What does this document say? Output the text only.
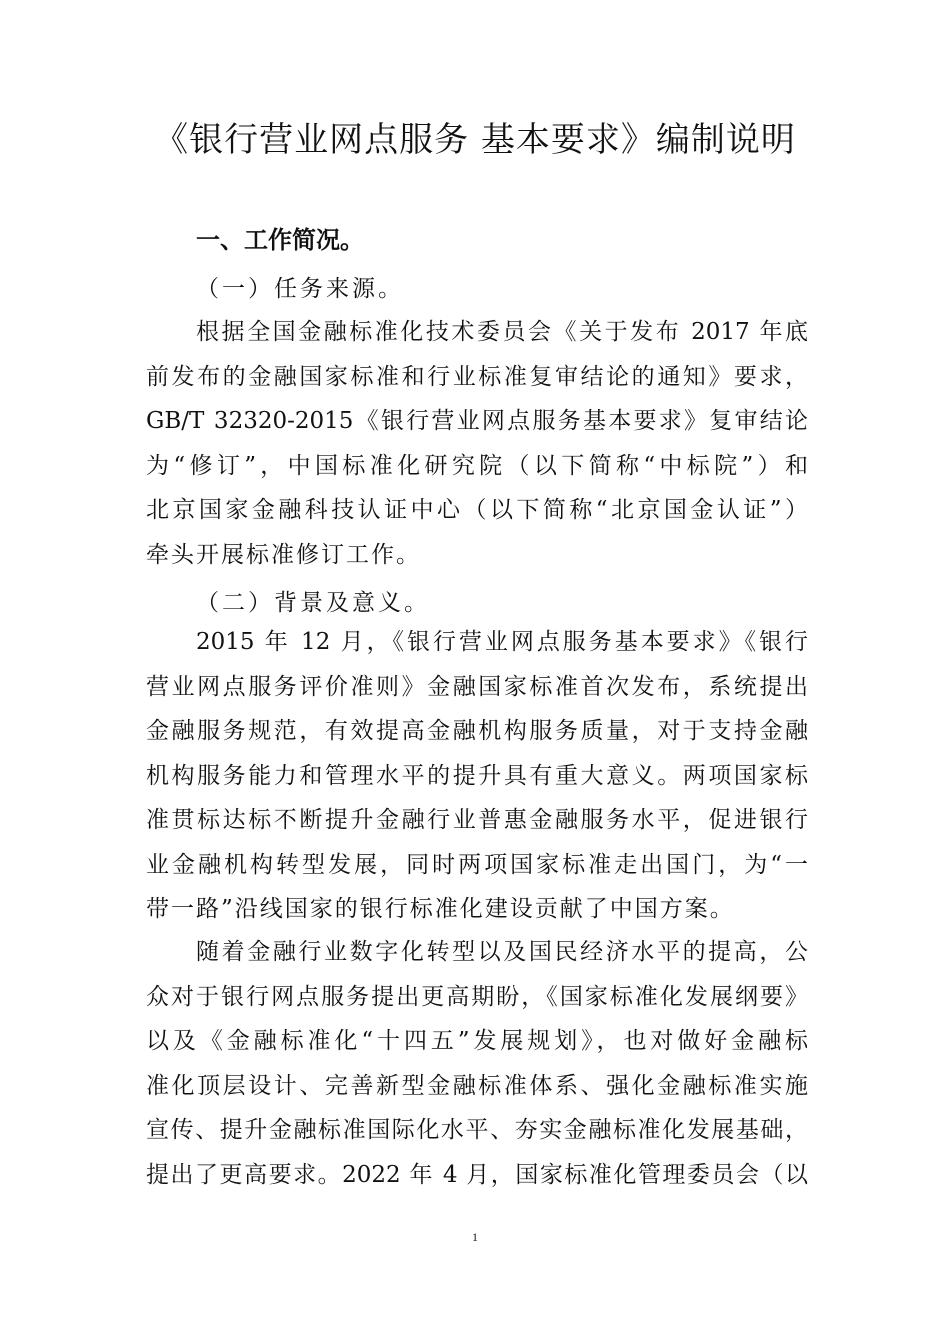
《银行营业网点服务 基本要求》编制说明
一、工作简况。
（一）任务来源。
根据全国金融标准化技术委员会《关于发布 2017 年底
前发布的金融国家标准和行业标准复审结论的通知》要求，
GB/T 32320-2015《银行营业网点服务基本要求》复审结论
为“修订”，中国标准化研究院（以下简称“中标院”）和
北京国家金融科技认证中心（以下简称“北京国金认证”）
牵头开展标准修订工作。
（二）背景及意义。
2015 年 12 月，《银行营业网点服务基本要求》《银行
营业网点服务评价准则》金融国家标准首次发布，系统提出
金融服务规范，有效提高金融机构服务质量，对于支持金融
机构服务能力和管理水平的提升具有重大意义。两项国家标
准贯标达标不断提升金融行业普惠金融服务水平，促进银行
业金融机构转型发展，同时两项国家标准走出国门，为“一
带一路”沿线国家的银行标准化建设贡献了中国方案。
随着金融行业数字化转型以及国民经济水平的提高，公
众对于银行网点服务提出更高期盼，《国家标准化发展纲要》
以及《金融标准化“十四五”发展规划》，也对做好金融标
准化顶层设计、完善新型金融标准体系、强化金融标准实施
宣传、提升金融标准国际化水平、夯实金融标准化发展基础，
提出了更高要求。2022 年 4 月，国家标准化管理委员会（以
1
